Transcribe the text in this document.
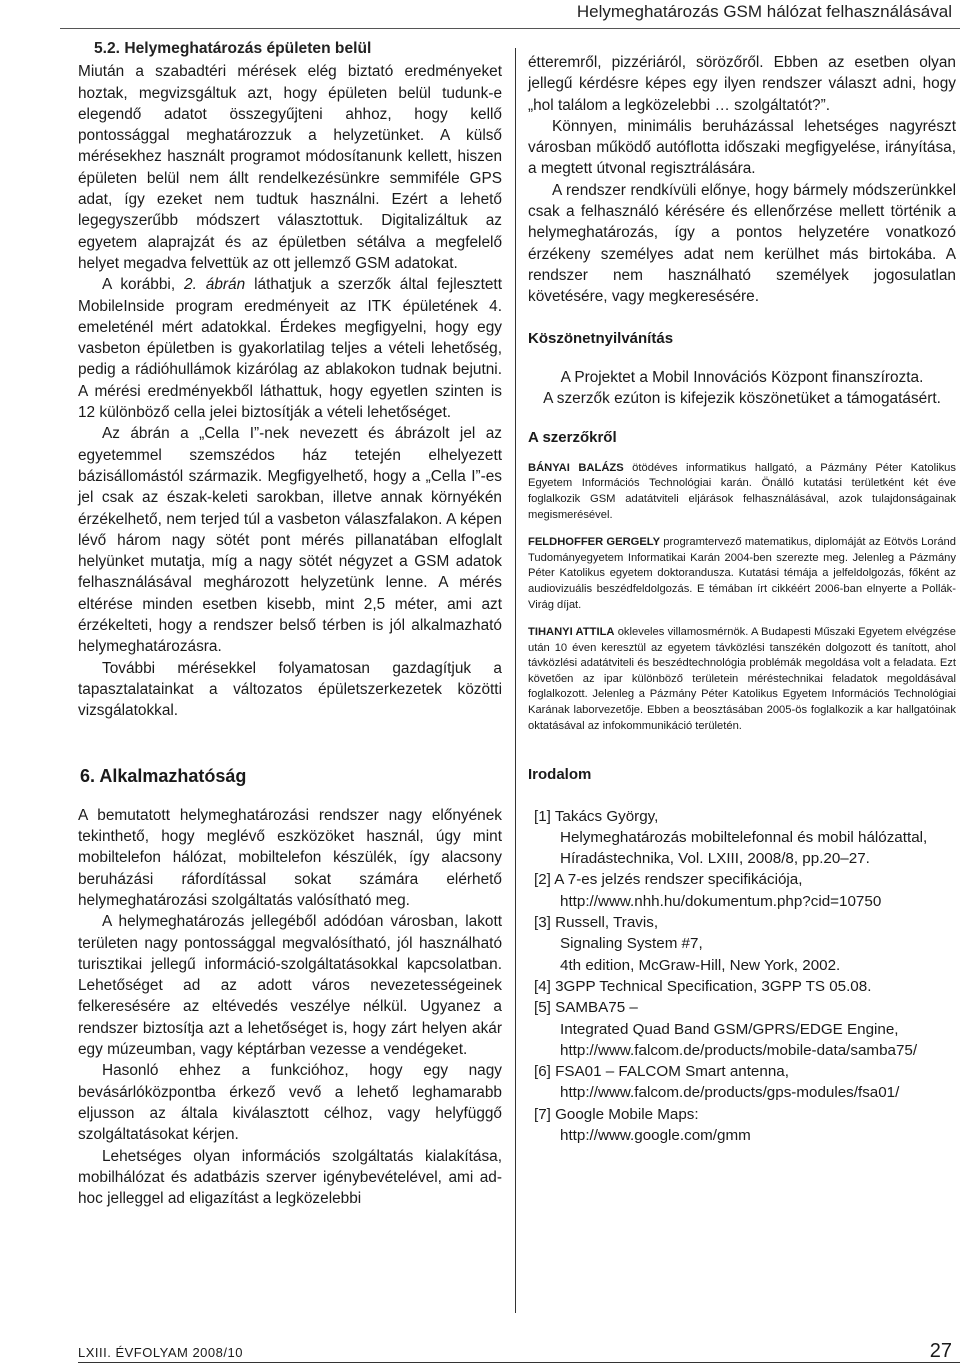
Helymeghatározás GSM hálózat felhasználásával
5.2. Helymeghatározás épületen belül

Miután a szabadtéri mérések elég biztató eredményeket hoztak, megvizsgáltuk azt, hogy épületen belül tudunk-e elegendő adatot összegyűjteni ahhoz, hogy kellő pontossággal meghatározzuk a helyzetünket. A külső mérésekhez használt programot módosítanunk kellett, hiszen épületen belül nem állt rendelkezésünkre semmiféle GPS adat, így ezeket nem tudtuk használni. Ezért a lehető legegyszerűbb módszert választottuk. Digitalizáltuk az egyetem alaprajzát és az épületben sétálva a megfelelő helyet megadva felvettük az ott jellemző GSM adatokat.

A korábbi, 2. ábrán láthatjuk a szerzők által fejlesztett MobileInside program eredményeit az ITK épületének 4. emeleténél mért adatokkal. Érdekes megfigyelni, hogy egy vasbeton épületben is gyakorlatilag teljes a vételi lehetőség, pedig a rádióhullámok kizárólag az ablakokon tudnak bejutni. A mérési eredményekből láthattuk, hogy egyetlen szinten is 12 különböző cella jelei biztosítják a vételi lehetőséget.

Az ábrán a „Cella I”-nek nevezett és ábrázolt jel az egyetemmel szemszédos ház tetején elhelyezett bázisállomástól származik. Megfigyelhető, hogy a „Cella I”-es jel csak az észak-keleti sarokban, illetve annak környékén érzékelhető, nem terjed túl a vasbeton válaszfalakon. A képen lévő három nagy sötét pont mérés pillanatában elfoglalt helyünket mutatja, míg a nagy sötét négyzet a GSM adatok felhasználásával meghározott helyzetünk lenne. A mérés eltérése minden esetben kisebb, mint 2,5 méter, ami azt érzékelteti, hogy a rendszer belső térben is jól alkalmazható helymeghatározásra.

További mérésekkel folyamatosan gazdagítjuk a tapasztalatainkat a változatos épületszerkezetek közötti vizsgálatokkal.

6. Alkalmazhatóság

A bemutatott helymeghatározási rendszer nagy előnyének tekinthető, hogy meglévő eszközöket használ, úgy mint mobiltelefon hálózat, mobiltelefon készülék, így alacsony beruházási ráfordítással sokat számára elérhető helymeghatározási szolgáltatás valósítható meg.

A helymeghatározás jellegéből adódóan városban, lakott területen nagy pontossággal megvalósítható, jól használható turisztikai jellegű információ-szolgáltatásokkal kapcsolatban. Lehetőséget ad az adott város nevezetességeinek felkeresésére az eltévedés veszélye nélkül. Ugyanez a rendszer biztosítja azt a lehetőséget is, hogy zárt helyen akár egy múzeumban, vagy képtárban vezesse a vendégeket.

Hasonló ehhez a funkcióhoz, hogy egy nagy bevásárlóközpontba érkező vevő a lehető leghamarabb eljusson az általa kiválasztott célhoz, vagy helyfüggő szolgáltatásokat kérjen.

Lehetséges olyan információs szolgáltatás kialakítása, mobilhálózat és adatbázis szerver igénybevételével, ami ad-hoc jelleggel ad eligazítást a legközelebbi

étteremről, pizzériáról, sörözőről. Ebben az esetben olyan jellegű kérdésre képes egy ilyen rendszer választ adni, hogy „hol találom a legközelebbi … szolgáltatót?”.

Könnyen, minimális beruházással lehetséges nagyrészt városban működő autóflotta időszaki megfigyelése, irányítása, a megtett útvonal regisztrálására.

A rendszer rendkívüli előnye, hogy bármely módszerünkkel csak a felhasználó kérésére és ellenőrzése mellett történik a helymeghatározás, így a pontos helyzetére vonatkozó érzékeny személyes adat nem kerülhet más birtokába. A rendszer nem használható személyek jogosulatlan követésére, vagy megkeresésére.

Köszönetnyilvánítás
A Projektet a Mobil Innovációs Központ finanszírozta.
A szerzők ezúton is kifejezik köszönetüket a támogatásért.
A szerzőkről

BÁNYAI BALÁZS ötödéves informatikus hallgató, a Pázmány Péter Katolikus Egyetem Információs Technológiai karán. Önálló kutatási területként két éve foglalkozik GSM adatátviteli eljárások felhasználásával, azok tulajdonságainak megismerésével.

FELDHOFFER GERGELY programtervező matematikus, diplomáját az Eötvös Loránd Tudományegyetem Informatikai Karán 2004-ben szerezte meg. Jelenleg a Pázmány Péter Katolikus egyetem doktorandusza. Kutatási témája a jelfeldolgozás, főként az audiovizuális beszédfeldolgozás. E témában írt cikkéért 2006-ban elnyerte a Pollák-Virág díjat.

TIHANYI ATTILA okleveles villamosmérnök. A Budapesti Műszaki Egyetem elvégzése után 10 éven keresztül az egyetem távközlési tanszékén dolgozott és tanított, ahol távközlési adatátviteli és beszédtechnológia problémák megoldása volt a feladata. Ezt követően az ipar különböző területein méréstechnikai feladatok megoldásával foglalkozott. Jelenleg a Pázmány Péter Katolikus Egyetem Információs Technológiai Karának laborvezetője. Ebben a beosztásában 2005-ös foglalkozik a kar hallgatóinak oktatásával az infokommunikáció területén.

Irodalom
[1] Takács György,
Helymeghatározás mobiltelefonnal és mobil hálózattal,
Híradástechnika, Vol. LXIII, 2008/8, pp.20–27.
[2] A 7-es jelzés rendszer specifikációja,
http://www.nhh.hu/dokumentum.php?cid=10750
[3] Russell, Travis,
Signaling System #7,
4th edition, McGraw-Hill, New York, 2002.
[4] 3GPP Technical Specification, 3GPP TS 05.08.
[5] SAMBA75 –
Integrated Quad Band GSM/GPRS/EDGE Engine,
http://www.falcom.de/products/mobile-data/samba75/
[6] FSA01 – FALCOM Smart antenna,
http://www.falcom.de/products/gps-modules/fsa01/
[7] Google Mobile Maps:
http://www.google.com/gmm
LXIII. ÉVFOLYAM 2008/10	27
